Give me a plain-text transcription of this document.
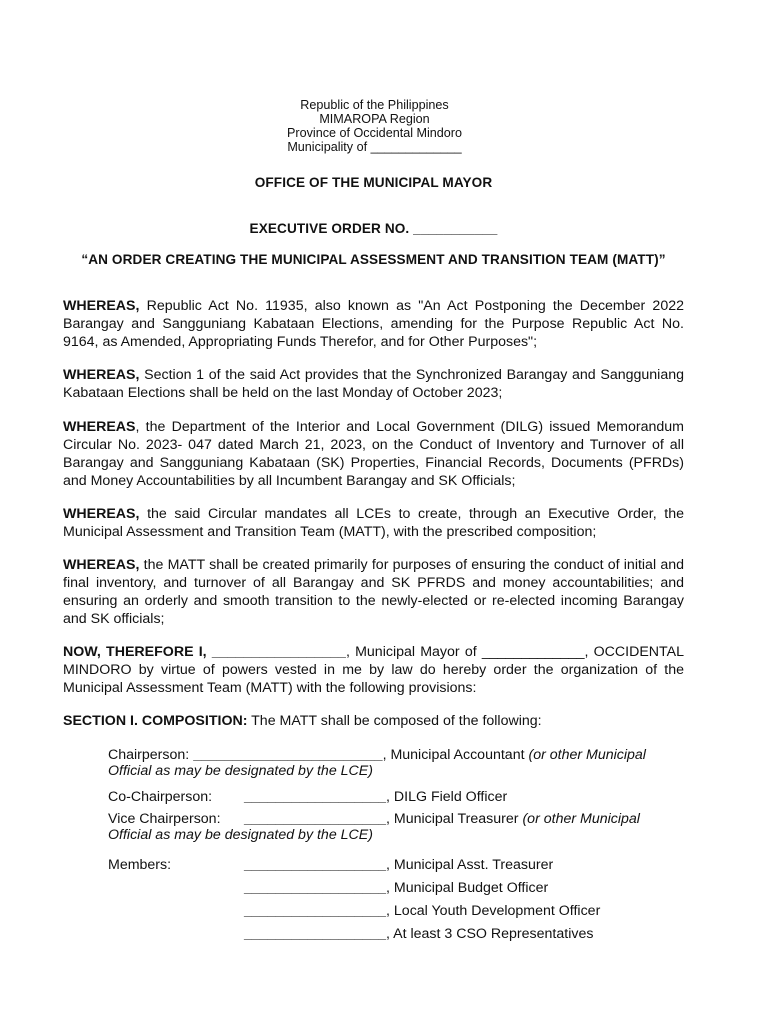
Republic of the Philippines
MIMAROPA Region
Province of Occidental Mindoro
Municipality of _____________
OFFICE OF THE MUNICIPAL MAYOR
EXECUTIVE ORDER NO. ___________
“AN ORDER CREATING THE MUNICIPAL ASSESSMENT AND TRANSITION TEAM (MATT)”

WHEREAS, Republic Act No. 11935, also known as "An Act Postponing the December 2022 Barangay and Sangguniang Kabataan Elections, amending for the Purpose Republic Act No. 9164, as Amended, Appropriating Funds Therefor, and for Other Purposes";

WHEREAS, Section 1 of the said Act provides that the Synchronized Barangay and Sangguniang Kabataan Elections shall be held on the last Monday of October 2023;

WHEREAS, the Department of the Interior and Local Government (DILG) issued Memorandum Circular No. 2023- 047 dated March 21, 2023, on the Conduct of Inventory and Turnover of all Barangay and Sangguniang Kabataan (SK) Properties, Financial Records, Documents (PFRDs) and Money Accountabilities by all Incumbent Barangay and SK Officials;

WHEREAS, the said Circular mandates all LCEs to create, through an Executive Order, the Municipal Assessment and Transition Team (MATT), with the prescribed composition;

WHEREAS, the MATT shall be created primarily for purposes of ensuring the conduct of initial and final inventory, and turnover of all Barangay and SK PFRDS and money accountabilities; and ensuring an orderly and smooth transition to the newly-elected or re-elected incoming Barangay and SK officials;

NOW, THEREFORE I, _________________, Municipal Mayor of _____________, OCCIDENTAL MINDORO by virtue of powers vested in me by law do hereby order the organization of the Municipal Assessment Team (MATT) with the following provisions:

SECTION I. COMPOSITION: The MATT shall be composed of the following:

Chairperson: ________________________, Municipal Accountant (or other Municipal Official as may be designated by the LCE)

Co-Chairperson: __________________, DILG Field Officer

Vice Chairperson: __________________, Municipal Treasurer (or other Municipal Official as may be designated by the LCE)

Members:	__________________, Municipal Asst. Treasurer

__________________, Municipal Budget Officer

__________________, Local Youth Development Officer

__________________, At least 3 CSO Representatives
